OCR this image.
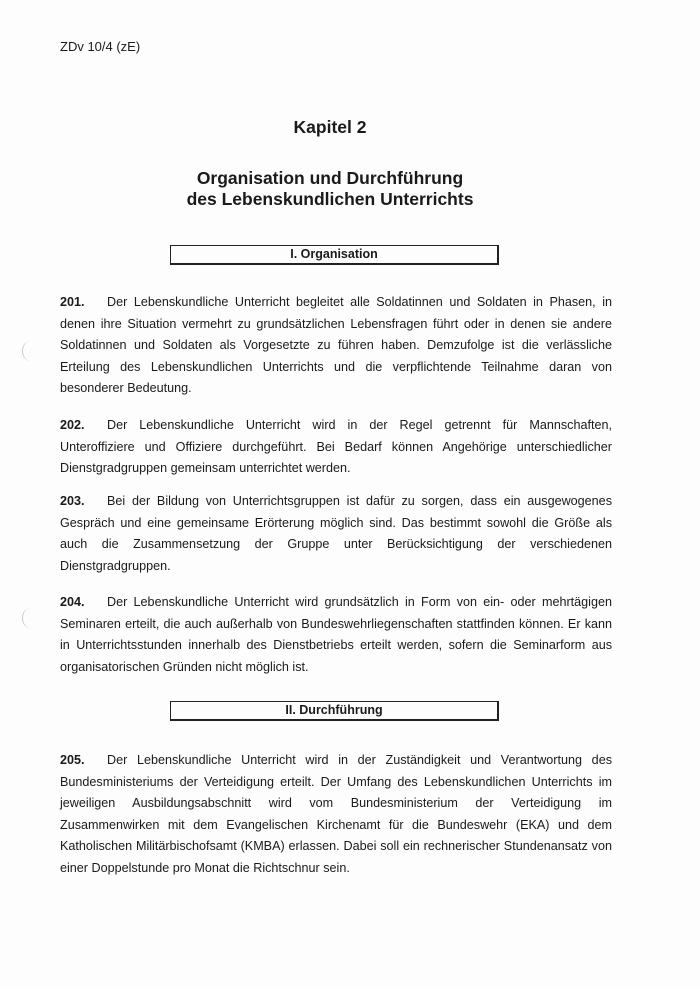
ZDv 10/4 (zE)
Kapitel 2
Organisation und Durchführung
des Lebenskundlichen Unterrichts
I. Organisation
201. Der Lebenskundliche Unterricht begleitet alle Soldatinnen und Soldaten in Phasen, in denen ihre Situation vermehrt zu grundsätzlichen Lebensfragen führt oder in denen sie andere Soldatinnen und Soldaten als Vorgesetzte zu führen haben. Demzufolge ist die verlässliche Erteilung des Lebenskundlichen Unterrichts und die verpflichtende Teilnahme daran von besonderer Bedeutung.
202. Der Lebenskundliche Unterricht wird in der Regel getrennt für Mannschaften, Unteroffiziere und Offiziere durchgeführt. Bei Bedarf können Angehörige unterschiedlicher Dienstgradgruppen gemeinsam unterrichtet werden.
203. Bei der Bildung von Unterrichtsgruppen ist dafür zu sorgen, dass ein ausgewogenes Gespräch und eine gemeinsame Erörterung möglich sind. Das bestimmt sowohl die Größe als auch die Zusammensetzung der Gruppe unter Berücksichtigung der verschiedenen Dienstgradgruppen.
204. Der Lebenskundliche Unterricht wird grundsätzlich in Form von ein- oder mehrtägigen Seminaren erteilt, die auch außerhalb von Bundeswehrliegenschaften stattfinden können. Er kann in Unterrichtsstunden innerhalb des Dienstbetriebs erteilt werden, sofern die Seminarform aus organisatorischen Gründen nicht möglich ist.
II. Durchführung
205. Der Lebenskundliche Unterricht wird in der Zuständigkeit und Verantwortung des Bundesministeriums der Verteidigung erteilt. Der Umfang des Lebenskundlichen Unterrichts im jeweiligen Ausbildungsabschnitt wird vom Bundesministerium der Verteidigung im Zusammenwirken mit dem Evangelischen Kirchenamt für die Bundeswehr (EKA) und dem Katholischen Militärbischofsamt (KMBA) erlassen. Dabei soll ein rechnerischer Stundenansatz von einer Doppelstunde pro Monat die Richtschnur sein.
